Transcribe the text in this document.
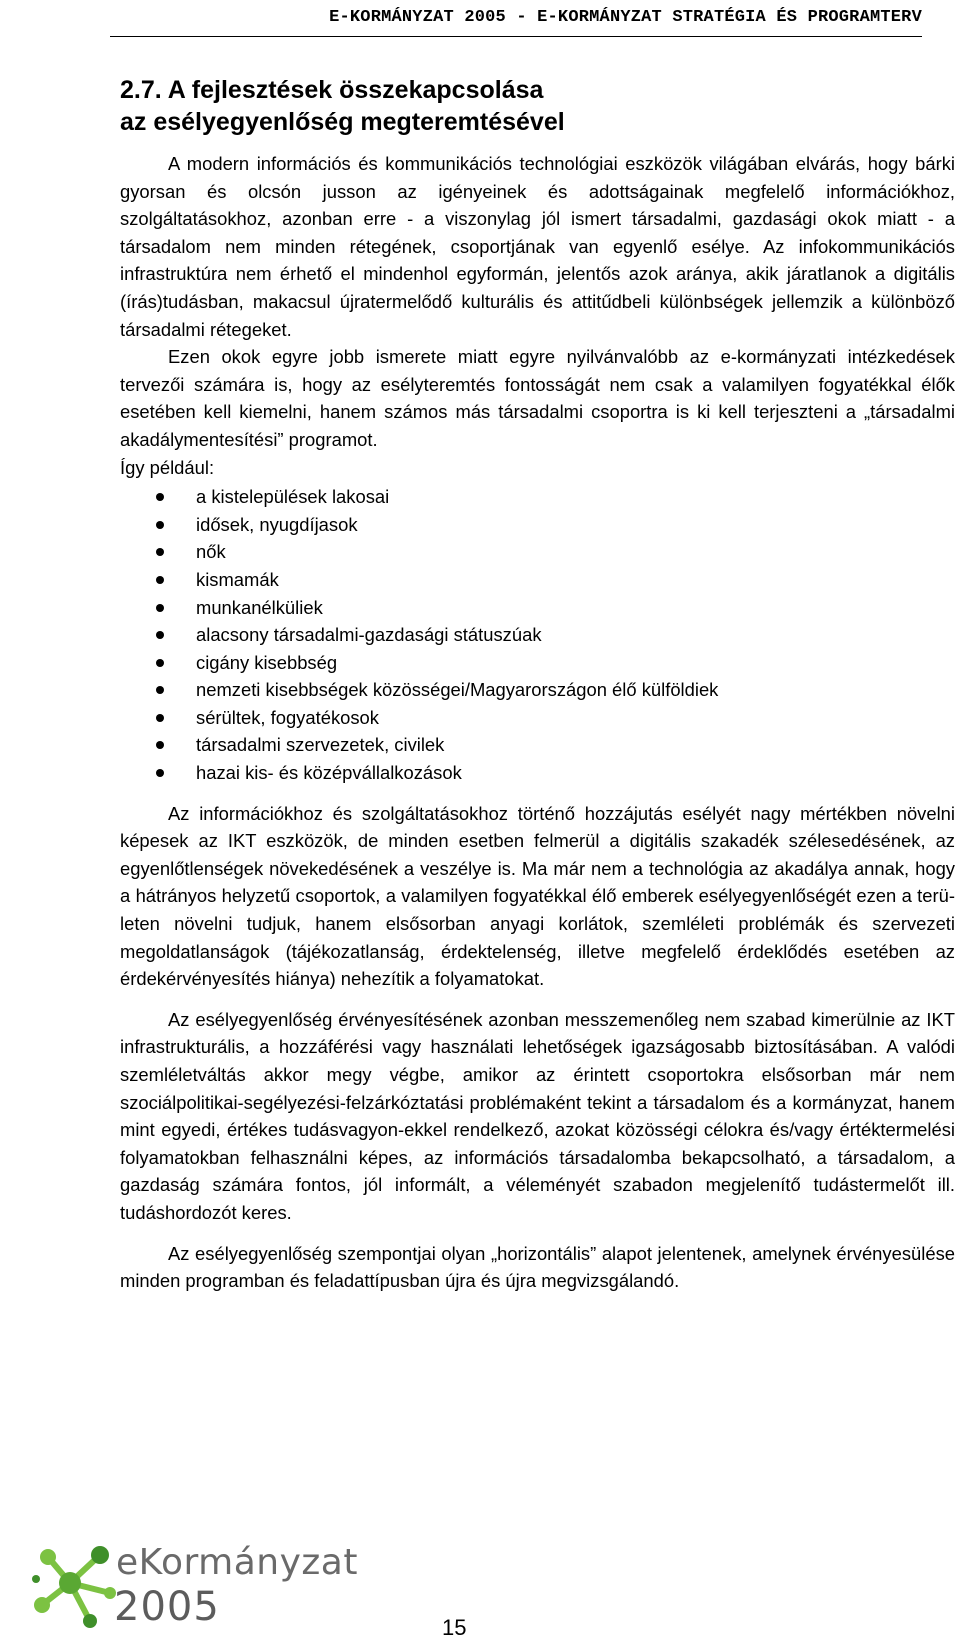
E-KORMÁNYZAT 2005 - E-KORMÁNYZAT STRATÉGIA ÉS PROGRAMTERV
2.7. A fejlesztések összekapcsolása
az esélyegyenlőség megteremtésével

A modern információs és kommunikációs technológiai eszközök világában elvárás, hogy bárki gyorsan és olcsón jusson az igényeinek és adottságainak megfelelő információkhoz, szolgáltatásokhoz, azonban erre - a viszonylag jól ismert társadalmi, gazdasági okok miatt - a társadalom nem minden rétegének, csoportjának van egyenlő esélye. Az infokommunikációs infrastruktúra nem érhető el mindenhol egyformán, jelentős azok aránya, akik járatlanok a digitális (írás)tudásban, makacsul újratermelődő kulturális és attitűdbeli különbségek jellemzik a különböző társadalmi rétegeket.

Ezen okok egyre jobb ismerete miatt egyre nyilvánvalóbb az e-kormányzati intézkedések tervezői számára is, hogy az esélyteremtés fontosságát nem csak a valamilyen fogyatékkal élők esetében kell kiemelni, hanem számos más társadalmi csoportra is ki kell terjeszteni a „társadalmi akadálymentesítési” programot.

Így például:

a kistelepülések lakosai
idősek, nyugdíjasok
nők
kismamák
munkanélküliek
alacsony társadalmi-gazdasági státuszúak
cigány kisebbség
nemzeti kisebbségek közösségei/Magyarországon élő külföldiek
sérültek, fogyatékosok
társadalmi szervezetek, civilek
hazai kis- és középvállalkozások

Az információkhoz és szolgáltatásokhoz történő hozzájutás esélyét nagy mértékben növelni képesek az IKT eszközök, de minden esetben felmerül a digitális szakadék szélesedésének, az egyenlőtlenségek növekedésének a veszélye is. Ma már nem a technológia az akadálya annak, hogy a hátrányos helyzetű csoportok, a valamilyen fogyatékkal élő emberek esélyegyenlőségét ezen a területen növelni tudjuk, hanem elsősorban anyagi korlátok, szemléleti problémák és szervezeti megoldatlanságok (tájékozatlanság, érdektelenség, illetve megfelelő érdeklődés esetében az érdekérvényesítés hiánya) nehezítik a folyamatokat.

Az esélyegyenlőség érvényesítésének azonban messzemenőleg nem szabad kimerülnie az IKT infrastrukturális, a hozzáférési vagy használati lehetőségek igazságosabb biztosításában. A valódi szemléletváltás akkor megy végbe, amikor az érintett csoportokra elsősorban már nem szociálpolitikai-segélyezési-felzárkóztatási problémaként tekint a társadalom és a kormányzat, hanem mint egyedi, értékes tudásvagyon-ekkel rendelkező, azokat közösségi célokra és/vagy értéktermelési folyamatokban felhasználni képes, az információs társadalomba bekapcsolható, a társadalom, a gazdaság számára fontos, jól informált, a véleményét szabadon megjelenítő tudástermelőt ill. tudáshordozót keres.

Az esélyegyenlőség szempontjai olyan „horizontális” alapot jelentenek, amelynek érvényesülése minden programban és feladattípusban újra és újra megvizsgálandó.

eKormányzat
2005	15
